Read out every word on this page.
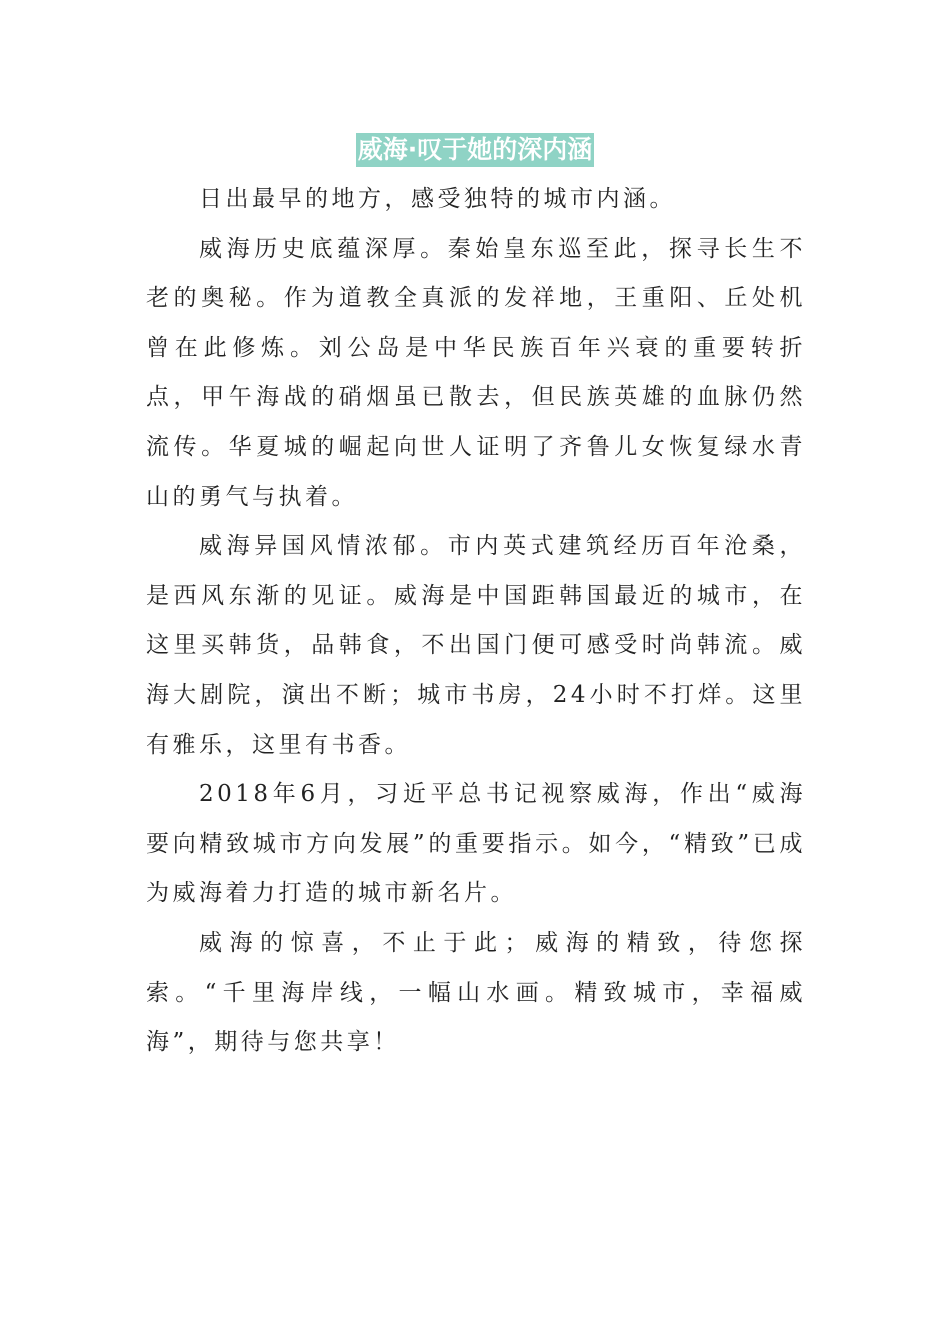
威海·叹于她的深内涵

日出最早的地方，感受独特的城市内涵。

威海历史底蕴深厚。秦始皇东巡至此，探寻长生不老的奥秘。作为道教全真派的发祥地，王重阳、丘处机曾在此修炼。刘公岛是中华民族百年兴衰的重要转折点，甲午海战的硝烟虽已散去，但民族英雄的血脉仍然流传。华夏城的崛起向世人证明了齐鲁儿女恢复绿水青山的勇气与执着。

威海异国风情浓郁。市内英式建筑经历百年沧桑，是西风东渐的见证。威海是中国距韩国最近的城市，在这里买韩货，品韩食，不出国门便可感受时尚韩流。威海大剧院，演出不断；城市书房，24小时不打烊。这里有雅乐，这里有书香。

2018年6月，习近平总书记视察威海，作出“威海要向精致城市方向发展”的重要指示。如今，“精致”已成为威海着力打造的城市新名片。

威海的惊喜，不止于此；威海的精致，待您探索。“千里海岸线，一幅山水画。精致城市，幸福威海”，期待与您共享！
